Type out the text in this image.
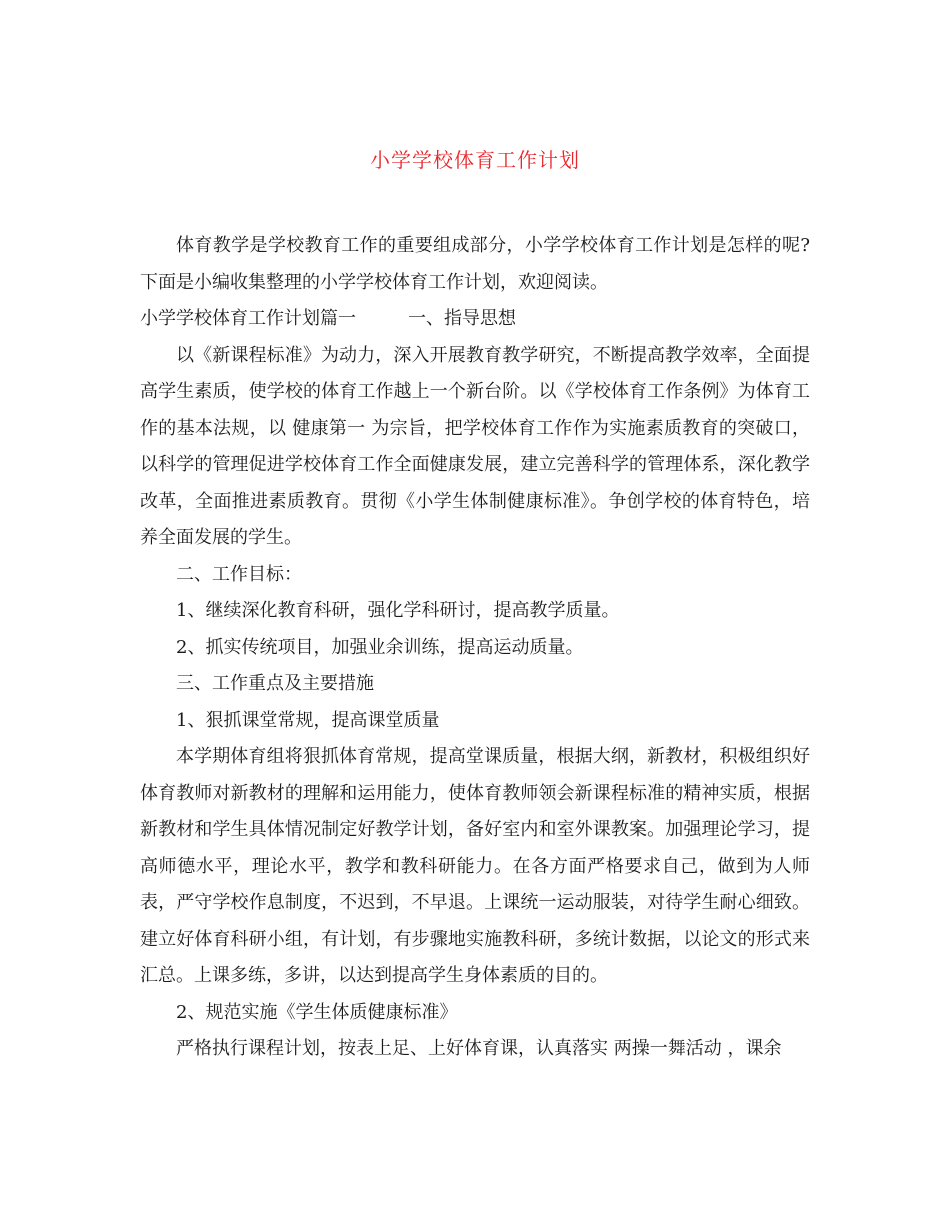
小学学校体育工作计划

体育教学是学校教育工作的重要组成部分，小学学校体育工作计划是怎样的呢?下面是小编收集整理的小学学校体育工作计划，欢迎阅读。

小学学校体育工作计划篇一	一、指导思想

以《新课程标准》为动力，深入开展教育教学研究，不断提高教学效率，全面提高学生素质，使学校的体育工作越上一个新台阶。以《学校体育工作条例》为体育工作的基本法规，以 健康第一 为宗旨，把学校体育工作作为实施素质教育的突破口，以科学的管理促进学校体育工作全面健康发展，建立完善科学的管理体系，深化教学改革，全面推进素质教育。贯彻《小学生体制健康标准》。争创学校的体育特色，培养全面发展的学生。

二、工作目标：

1、继续深化教育科研，强化学科研讨，提高教学质量。

2、抓实传统项目，加强业余训练，提高运动质量。

三、工作重点及主要措施

1、狠抓课堂常规，提高课堂质量

本学期体育组将狠抓体育常规，提高堂课质量，根据大纲，新教材，积极组织好体育教师对新教材的理解和运用能力，使体育教师领会新课程标准的精神实质，根据新教材和学生具体情况制定好教学计划，备好室内和室外课教案。加强理论学习，提高师德水平，理论水平，教学和教科研能力。在各方面严格要求自己，做到为人师表，严守学校作息制度，不迟到，不早退。上课统一运动服装，对待学生耐心细致。建立好体育科研小组，有计划，有步骤地实施教科研，多统计数据，以论文的形式来汇总。上课多练，多讲，以达到提高学生身体素质的目的。

2、规范实施《学生体质健康标准》

严格执行课程计划，按表上足、上好体育课，认真落实 两操一舞活动 ，课余
